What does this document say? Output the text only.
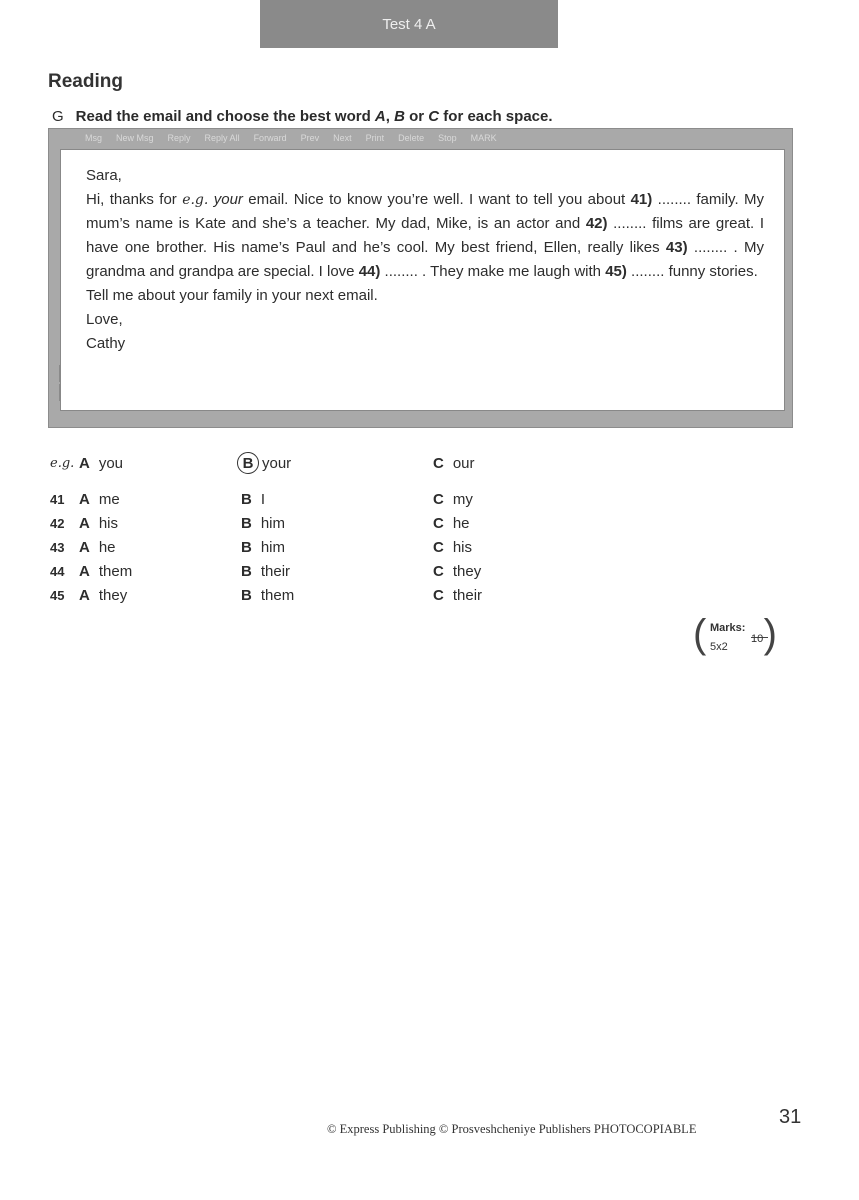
Test 4 A
Reading
G Read the email and choose the best word A, B or C for each space.
Msg New Msg Reply Reply All Forward Prev Next Print Delete Stop MARK

Sara,

Hi, thanks for e.g. your email. Nice to know you’re well. I want to tell you about 41) ........ family. My mum’s name is Kate and she’s a teacher. My dad, Mike, is an actor and 42) ........ films are great. I have one brother. His name’s Paul and he’s cool. My best friend, Ellen, really likes 43) ........ . My grandma and grandpa are special. I love 44) ........ . They make me laugh with 45) ........ funny stories.

Tell me about your family in your next email.

Love,

Cathy

e.g. A you	B your	C our
41 A me	B I	C my
42 A his	B him	C he
43 A he	B him	C his
44 A them	B their	C they
45 A they	B them	C their
( Marks:
10
5x2 )
© Express Publishing © Prosveshcheniye Publishers PHOTOCOPIABLE
31
